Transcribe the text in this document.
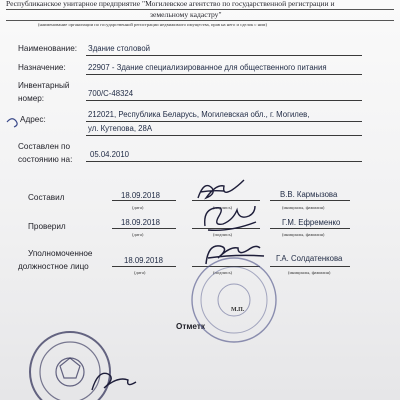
Республиканское унитарное предприятие "Могилевское агентство по государственной регистрации и
земельному кадастру"
(наименование организации по государственной регистрации недвижимого имущества, прав на него и сделок с ним)
Наименование: Здание столовой
Назначение:	22907 - Здание специализированное для общественного питания
Инвентарный
номер:
700/С-48324
Адрес:
212021, Республика Беларусь, Могилевская обл., г. Могилев,
ул. Кутепова, 28А
Составлен по
состоянию на:
05.04.2010
Составил	18.09.2018
(дата)	(подпись)
В.В. Кармызова
(инициалы, фамилия)
Проверил	18.09.2018
(дата)	(подпись)
Г.М. Ефременко
(инициалы, фамилия)
Уполномоченное
должностное лицо
18.09.2018
(дата)	(подпись)
Г.А. Солдатенкова
(инициалы, фамилия)
М.П.
Отметк
